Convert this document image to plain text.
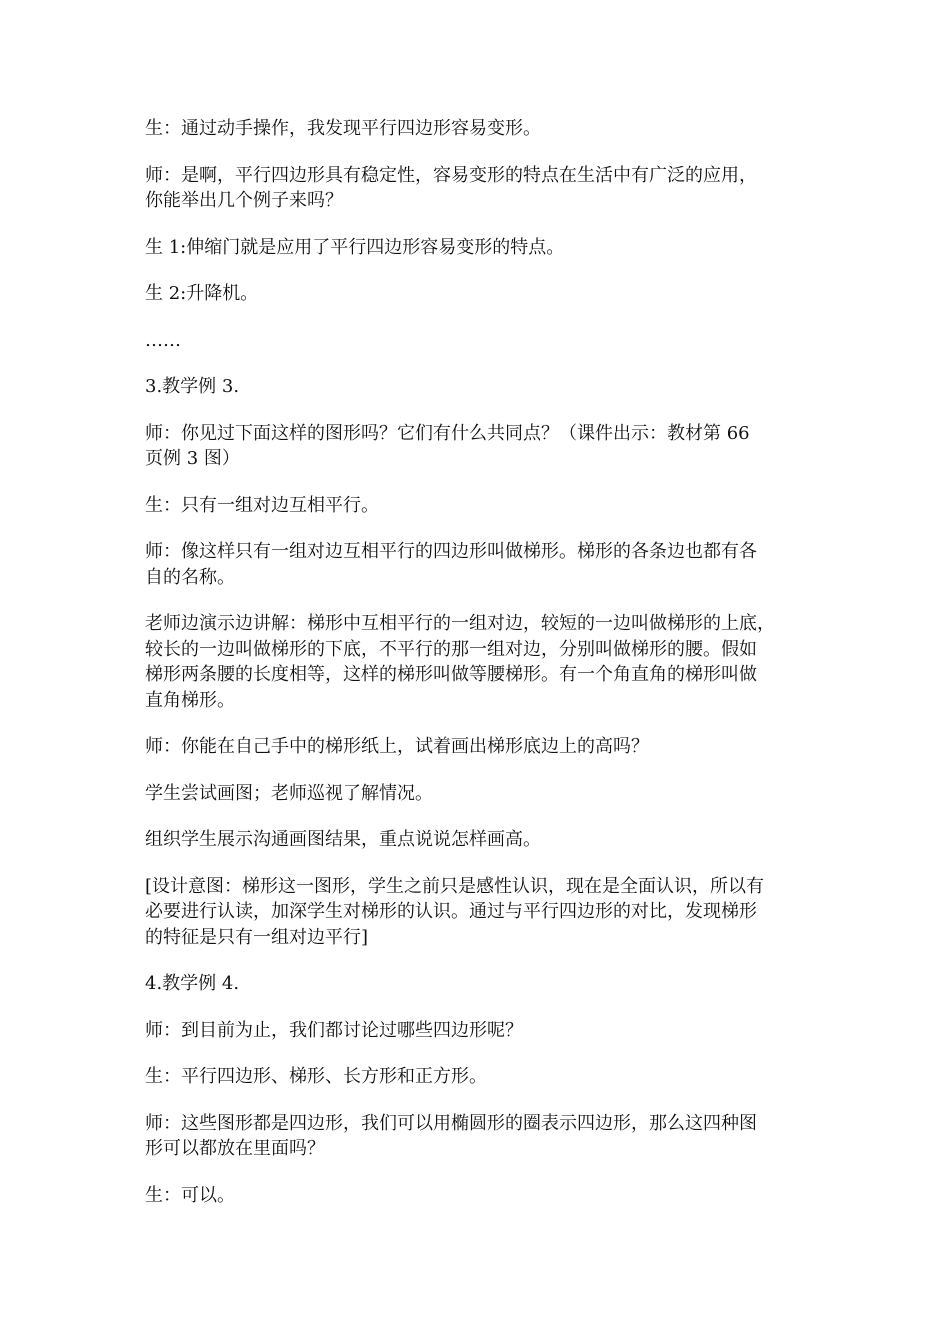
生：通过动手操作，我发现平行四边形容易变形。

师：是啊，平行四边形具有稳定性，容易变形的特点在生活中有广泛的应用，
你能举出几个例子来吗？

生 1:伸缩门就是应用了平行四边形容易变形的特点。

生 2:升降机。

……

3.教学例 3.

师：你见过下面这样的图形吗？它们有什么共同点？（课件出示：教材第 66
页例 3 图）

生：只有一组对边互相平行。

师：像这样只有一组对边互相平行的四边形叫做梯形。梯形的各条边也都有各
自的名称。
老师边演示边讲解：梯形中互相平行的一组对边，较短的一边叫做梯形的上底，
较长的一边叫做梯形的下底，不平行的那一组对边，分别叫做梯形的腰。假如
梯形两条腰的长度相等，这样的梯形叫做等腰梯形。有一个角直角的梯形叫做
直角梯形。

师：你能在自己手中的梯形纸上，试着画出梯形底边上的高吗？

学生尝试画图；老师巡视了解情况。

组织学生展示沟通画图结果，重点说说怎样画高。

[设计意图：梯形这一图形，学生之前只是感性认识，现在是全面认识，所以有
必要进行认读，加深学生对梯形的认识。通过与平行四边形的对比，发现梯形
的特征是只有一组对边平行]

4.教学例 4.

师：到目前为止，我们都讨论过哪些四边形呢？

生：平行四边形、梯形、长方形和正方形。

师：这些图形都是四边形，我们可以用椭圆形的圈表示四边形，那么这四种图
形可以都放在里面吗？

生：可以。
